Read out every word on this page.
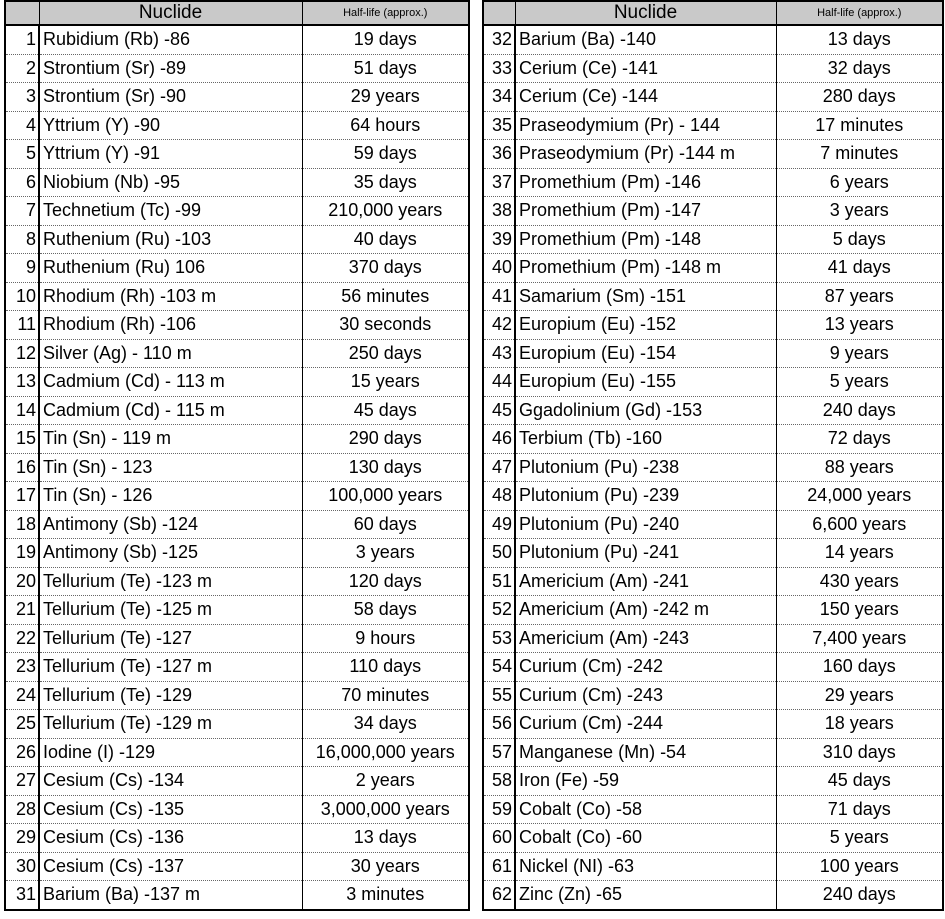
	Nuclide	Half-life (approx.)
1	Rubidium (Rb) -86	19 days
2	Strontium (Sr) -89	51 days
3	Strontium (Sr) -90	29 years
4	Yttrium (Y) -90	64 hours
5	Yttrium (Y) -91	59 days
6	Niobium (Nb) -95	35 days
7	Technetium (Tc) -99	210,000 years
8	Ruthenium (Ru) -103	40 days
9	Ruthenium (Ru) 106	370 days
10	Rhodium (Rh) -103 m	56 minutes
11	Rhodium (Rh) -106	30 seconds
12	Silver (Ag) - 110 m	250 days
13	Cadmium (Cd) - 113 m	15 years
14	Cadmium (Cd) - 115 m	45 days
15	Tin (Sn) - 119 m	290 days
16	Tin (Sn) - 123	130 days
17	Tin (Sn) - 126	100,000 years
18	Antimony (Sb) -124	60 days
19	Antimony (Sb) -125	3 years
20	Tellurium (Te) -123 m	120 days
21	Tellurium (Te) -125 m	58 days
22	Tellurium (Te) -127	9 hours
23	Tellurium (Te) -127 m	110 days
24	Tellurium (Te) -129	70 minutes
25	Tellurium (Te) -129 m	34 days
26	Iodine (I) -129	16,000,000 years
27	Cesium (Cs) -134	2 years
28	Cesium (Cs) -135	3,000,000 years
29	Cesium (Cs) -136	13 days
30	Cesium (Cs) -137	30 years
31	Barium (Ba) -137 m	3 minutes
	Nuclide	Half-life (approx.)
32	Barium (Ba) -140	13 days
33	Cerium (Ce) -141	32 days
34	Cerium (Ce) -144	280 days
35	Praseodymium (Pr) - 144	17 minutes
36	Praseodymium (Pr) -144 m	7 minutes
37	Promethium (Pm) -146	6 years
38	Promethium (Pm) -147	3 years
39	Promethium (Pm) -148	5 days
40	Promethium (Pm) -148 m	41 days
41	Samarium (Sm) -151	87 years
42	Europium (Eu) -152	13 years
43	Europium (Eu) -154	9 years
44	Europium (Eu) -155	5 years
45	Ggadolinium (Gd) -153	240 days
46	Terbium (Tb) -160	72 days
47	Plutonium (Pu) -238	88 years
48	Plutonium (Pu) -239	24,000 years
49	Plutonium (Pu) -240	6,600 years
50	Plutonium (Pu) -241	14 years
51	Americium (Am) -241	430 years
52	Americium (Am) -242 m	150 years
53	Americium (Am) -243	7,400 years
54	Curium (Cm) -242	160 days
55	Curium (Cm) -243	29 years
56	Curium (Cm) -244	18 years
57	Manganese (Mn) -54	310 days
58	Iron (Fe) -59	45 days
59	Cobalt (Co) -58	71 days
60	Cobalt (Co) -60	5 years
61	Nickel (NI) -63	100 years
62	Zinc (Zn) -65	240 days
